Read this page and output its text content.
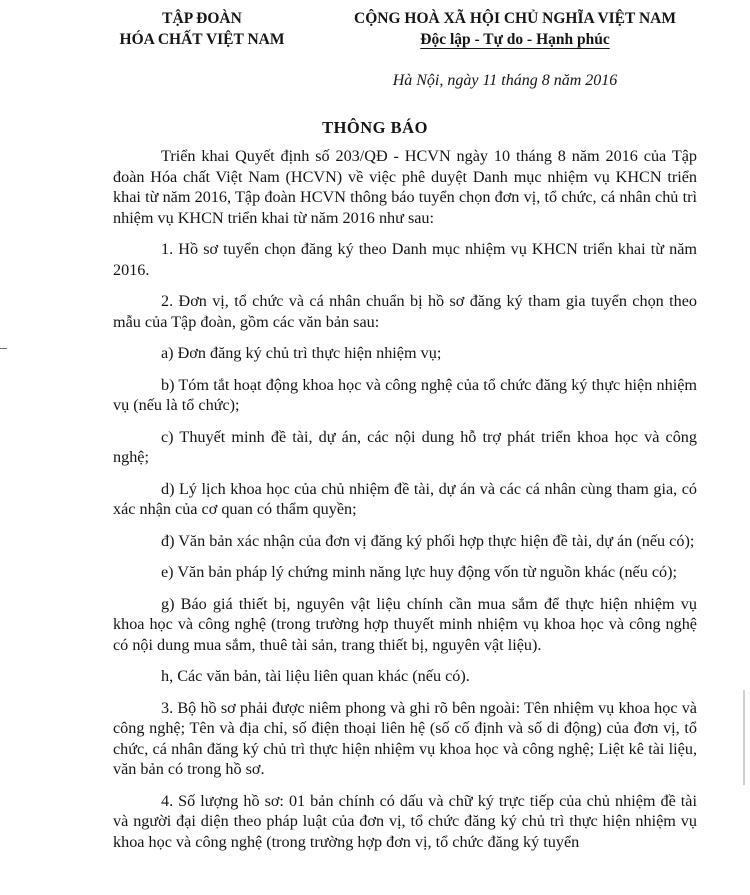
TẬP ĐOÀN
HÓA CHẤT VIỆT NAM
CỘNG HOÀ XÃ HỘI CHỦ NGHĨA VIỆT NAM
Độc lập - Tự do - Hạnh phúc
Hà Nội, ngày 11 tháng 8 năm 2016
THÔNG BÁO

Triển khai Quyết định số 203/QĐ - HCVN ngày 10 tháng 8 năm 2016 của Tập đoàn Hóa chất Việt Nam (HCVN) về việc phê duyệt Danh mục nhiệm vụ KHCN triển khai từ năm 2016, Tập đoàn HCVN thông báo tuyển chọn đơn vị, tổ chức, cá nhân chủ trì nhiệm vụ KHCN triển khai từ năm 2016 như sau:

1. Hồ sơ tuyển chọn đăng ký theo Danh mục nhiệm vụ KHCN triển khai từ năm 2016.

2. Đơn vị, tổ chức và cá nhân chuẩn bị hồ sơ đăng ký tham gia tuyển chọn theo mẫu của Tập đoàn, gồm các văn bản sau:

a) Đơn đăng ký chủ trì thực hiện nhiệm vụ;

b) Tóm tắt hoạt động khoa học và công nghệ của tổ chức đăng ký thực hiện nhiệm vụ (nếu là tổ chức);

c) Thuyết minh đề tài, dự án, các nội dung hỗ trợ phát triển khoa học và công nghệ;

d) Lý lịch khoa học của chủ nhiệm đề tài, dự án và các cá nhân cùng tham gia, có xác nhận của cơ quan có thẩm quyền;

đ) Văn bản xác nhận của đơn vị đăng ký phối hợp thực hiện đề tài, dự án (nếu có);

e) Văn bản pháp lý chứng minh năng lực huy động vốn từ nguồn khác (nếu có);

g) Báo giá thiết bị, nguyên vật liệu chính cần mua sắm để thực hiện nhiệm vụ khoa học và công nghệ (trong trường hợp thuyết minh nhiệm vụ khoa học và công nghệ có nội dung mua sắm, thuê tài sản, trang thiết bị, nguyên vật liệu).

h, Các văn bản, tài liệu liên quan khác (nếu có).

3. Bộ hồ sơ phải được niêm phong và ghi rõ bên ngoài: Tên nhiệm vụ khoa học và công nghệ; Tên và địa chỉ, số điện thoại liên hệ (số cố định và số di động) của đơn vị, tổ chức, cá nhân đăng ký chủ trì thực hiện nhiệm vụ khoa học và công nghệ; Liệt kê tài liệu, văn bản có trong hồ sơ.

4. Số lượng hồ sơ: 01 bản chính có dấu và chữ ký trực tiếp của chủ nhiệm đề tài và người đại diện theo pháp luật của đơn vị, tổ chức đăng ký chủ trì thực hiện nhiệm vụ khoa học và công nghệ (trong trường hợp đơn vị, tổ chức đăng ký tuyển
